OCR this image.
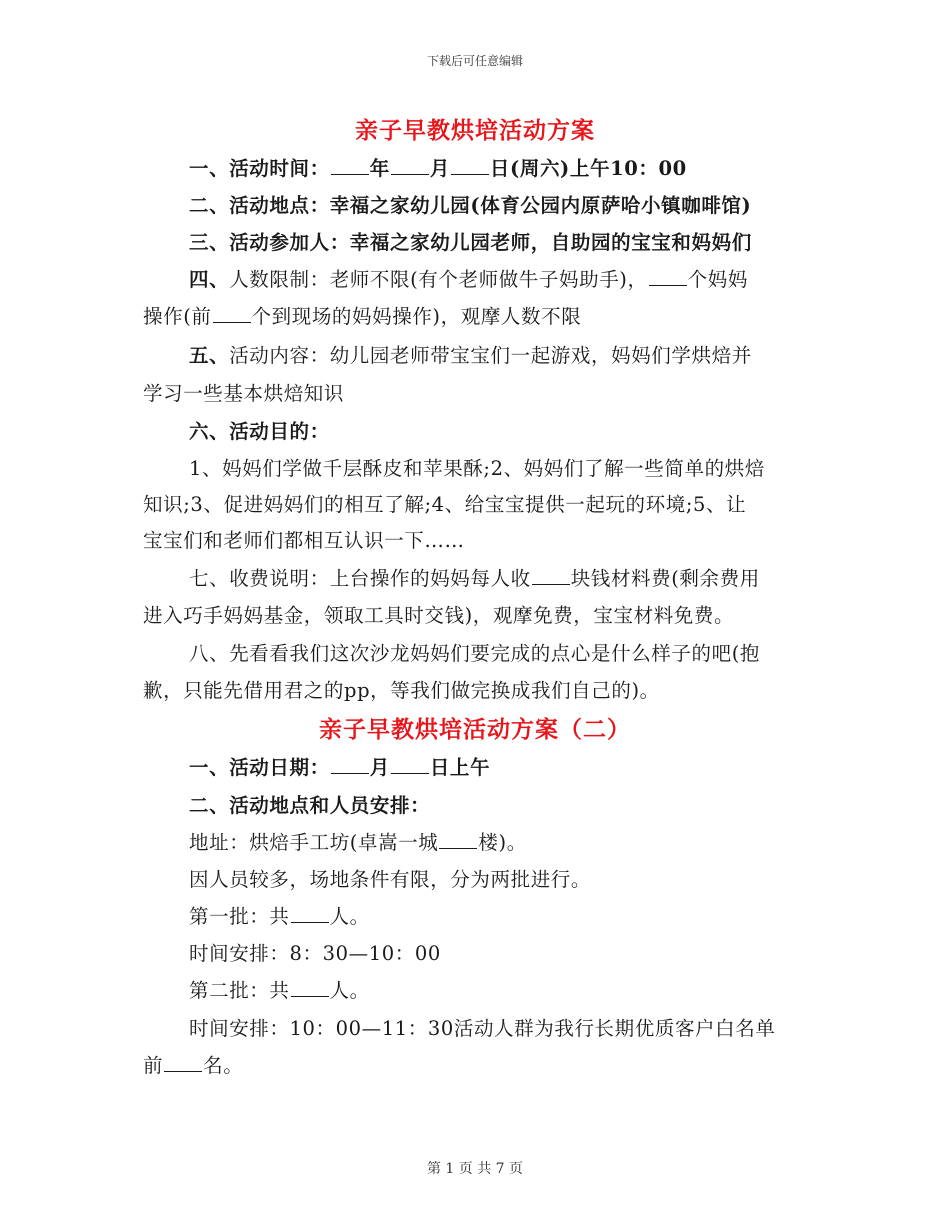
下载后可任意编辑
亲子早教烘培活动方案
一、活动时间： 年 月 日(周六)上午10：00
二、活动地点：幸福之家幼儿园(体育公园内原萨哈小镇咖啡馆)
三、活动参加人：幸福之家幼儿园老师，自助园的宝宝和妈妈们
四、人数限制：老师不限(有个老师做牛子妈助手)， 个妈妈
操作(前 个到现场的妈妈操作)，观摩人数不限
五、活动内容：幼儿园老师带宝宝们一起游戏，妈妈们学烘焙并
学习一些基本烘焙知识
六、活动目的：
1、妈妈们学做千层酥皮和苹果酥;2、妈妈们了解一些简单的烘焙
知识;3、促进妈妈们的相互了解;4、给宝宝提供一起玩的环境;5、让
宝宝们和老师们都相互认识一下……
七、收费说明：上台操作的妈妈每人收 块钱材料费(剩余费用
进入巧手妈妈基金，领取工具时交钱)，观摩免费，宝宝材料免费。
八、先看看我们这次沙龙妈妈们要完成的点心是什么样子的吧(抱
歉，只能先借用君之的pp，等我们做完换成我们自己的)。
亲子早教烘培活动方案（二）
一、活动日期： 月 日上午
二、活动地点和人员安排：
地址：烘焙手工坊(卓嵩一城 楼)。
因人员较多，场地条件有限，分为两批进行。
第一批：共 人。
时间安排：8：30—10：00
第二批：共 人。
时间安排：10：00—11：30活动人群为我行长期优质客户白名单
前 名。
第 1 页 共 7 页
